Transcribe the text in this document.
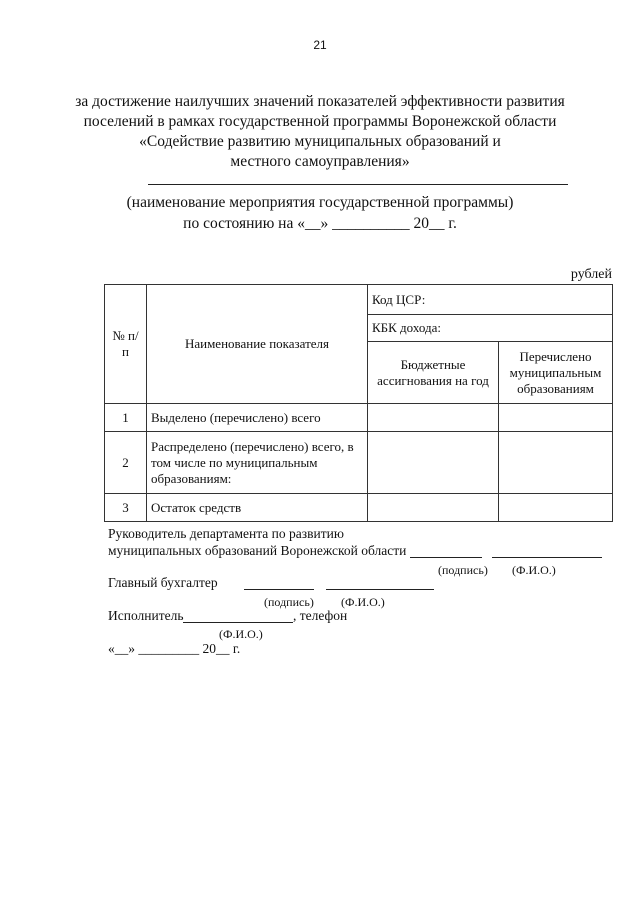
21
за достижение наилучших значений показателей эффективности развития
поселений в рамках государственной программы Воронежской области
«Содействие развитию муниципальных образований и
местного самоуправления»
(наименование мероприятия государственной программы)
по состоянию на «__» __________ 20__ г.
рублей
№ п/п	Наименование показателя	Код ЦСР:	
		КБК дохода:	
		Бюджетные ассигнования на год	Перечислено муниципальным образованиям
1	Выделено (перечислено) всего		
2	Распределено (перечислено) всего, в том числе по муниципальным образованиям:		
3	Остаток средств		
Руководитель департамента по развитию
муниципальных образований Воронежской области
(подпись) (Ф.И.О.)
Главный бухгалтер
(подпись) (Ф.И.О.)
Исполнитель	, телефон
(Ф.И.О.)
«__» _________ 20__ г.
